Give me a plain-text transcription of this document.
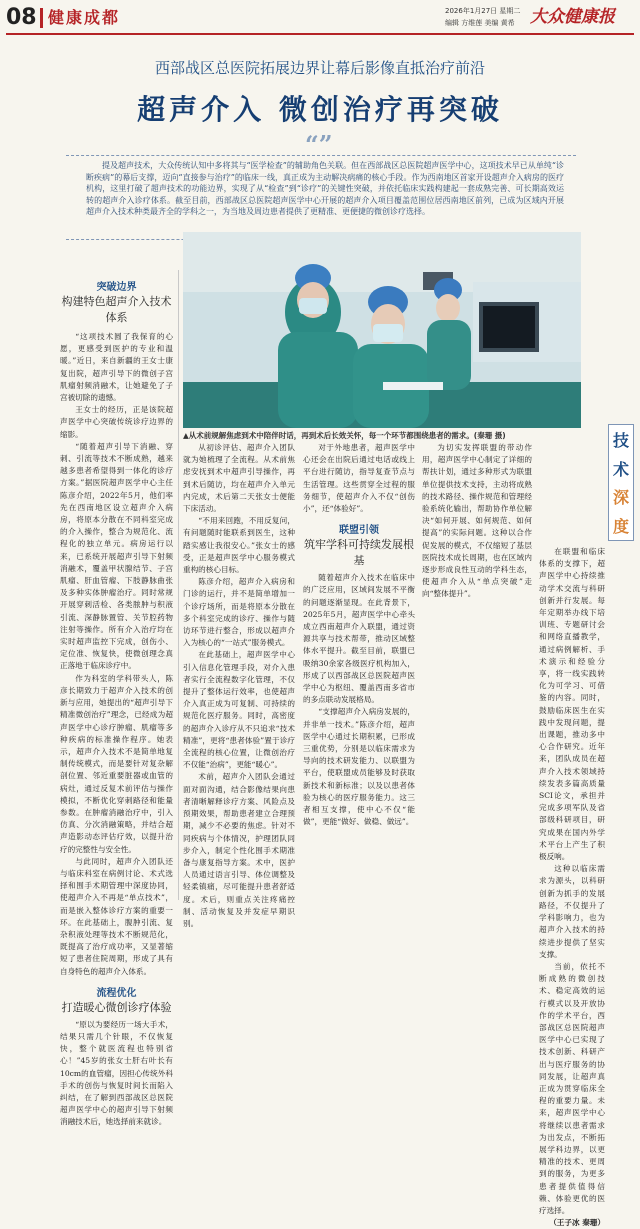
08 健康成都	2026年1月27日 星期二
编辑 方维莲 美编 黄希 大众健康报
西部战区总医院拓展边界让幕后影像直抵治疗前沿
超声介入 微创治疗再突破
“”
提及超声技术，大众传统认知中多将其与“医学检查”的辅助角色关联。但在西部战区总医院超声医学中心，这项技术早已从单纯“诊断疾病”的幕后支撑，迈向“直接参与治疗”的临床一线，真正成为主动解决病痛的核心手段。作为西南地区首家开设超声介入病房的医疗机构，这里打破了超声技术的功能边界，实现了从“检查”到“诊疗”的关键性突破，并依托临床实践构建起一套成熟完善、可长期高效运转的超声介入诊疗体系。截至目前，西部战区总医院超声医学中心开展的超声介入项目覆盖范围位居西南地区前列，已成为区域内开展超声介入技术种类最齐全的学科之一，为当地及周边患者提供了更精准、更便捷的微创诊疗选择。
▲从术前规解焦虑到术中陪伴时话，再到术后长效关怀，每一个环节都围绕患者的需求。(秦珊 摄)	技
术
深
度
突破边界
构建特色超声介入技术体系

“这项技术圆了我保育的心愿，更感受到医护的专业和温暖。”近日，来自新疆的王女士康复出院，超声引导下的微创子宫肌瘤射频消融术，让她避免了子宫被切除的遗憾。

王女士的经历，正是该院超声医学中心突破传统诊疗边界的缩影。

“随着超声引导下消融、穿刺、引流等技术不断成熟，越来越多患者希望得到一体化的诊疗方案。”据医院超声医学中心主任陈彦介绍，2022年5月，他们率先在西南地区设立超声介入病房，将原本分散在不同科室完成的介入操作，整合为规范化、流程化的独立单元。病房运行以来，已系统开展超声引导下射频消融术，覆盖甲状腺结节、子宫肌瘤、肝血管瘤、下肢静脉曲张及多种实体肿瘤治疗。同时常规开展穿刺活检、各类脓肿与积液引流、深静脉置管、关节腔药物注射等操作。所有介入治疗均在实时超声监控下完成，创伤小、定位准、恢复快，使微创理念真正落地于临床诊疗中。

作为科室的学科带头人，陈彦长期致力于超声介入技术的创新与应用，她提出的“超声引导下精准微创治疗”理念，已经成为超声医学中心诊疗肿瘤、肌瘤等多种疾病的标准操作程序。她表示，超声介入技术不是简单地复制传统模式，而是要针对复杂解剖位置、邻近重要脏器或血管的病灶，通过反复术前评估与操作模拟，不断优化穿刺路径和能量参数。在肿瘤消融治疗中，引入仿真、分次消融策略，并结合超声造影动态评估疗效，以提升治疗的完整性与安全性。

与此同时，超声介入团队还与临床科室在病例讨论、术式选择和围手术期管理中深度协同，使超声介入不再是“单点技术”，而是嵌入整体诊疗方案的重要一环。在此基础上，腹肿引流、复杂积液处理等技术不断规范化，既提高了治疗成功率，又显著缩短了患者住院周期，形成了具有自身特色的超声介入体系。

流程优化
打造暖心微创诊疗体验

“原以为要经历一场大手术，结果只需几个针眼，不仅恢复快，整个就医流程也特别省心！”45岁的张女士肝右叶长有10cm的血管瘤，因担心传统外科手术的创伤与恢复时间长而陷入纠结，在了解到西部战区总医院超声医学中心的超声引导下射频消融技术后，她选择前来就诊。

从初诊评估、超声介入团队就为她梳理了全流程。从术前焦虑安抚到术中超声引导操作，再到术后随访，均在超声介入单元内完成，术后第二天张女士便能下床活动。

“不用来回跑，不用反复问，有问题随时能联系到医生，这种踏实感让我很安心。”张女士的感受，正是超声医学中心服务模式重构的核心目标。

陈彦介绍，超声介入病房和门诊的运行，并不是简单增加一个诊疗场所，而是将原本分散在多个科室完成的诊疗、操作与随访环节进行整合，形成以超声介入为核心的“一站式”服务模式。

在此基础上，超声医学中心引入信息化管理手段，对介入患者实行全流程数字化管理，不仅提升了整体运行效率，也使超声介入真正成为可复制、可持续的规范化医疗服务。同时，高密度的超声介入诊疗从不只追求“技术精准”，更将“患者体验”置于诊疗全流程的核心位置，让微创治疗不仅能“治病”，更能“暖心”。

术前，超声介入团队会通过面对面沟通，结合影像结果向患者清晰解释诊疗方案、风险点及预期效果，帮助患者建立合理预期，减少不必要的焦虑。针对不同疾病与个体情况，护理团队同步介入，制定个性化围手术期准备与康复指导方案。术中，医护人员通过语言引导、体位调整及轻柔镇痛，尽可能提升患者舒适度。术后，则重点关注疼痛控制、活动恢复及并发症早期识别。

对于外地患者，超声医学中心还会在出院后通过电话或线上平台进行随访，指导复查节点与生活管理。这些贯穿全过程的服务细节，使超声介入不仅“创伤小”，还“体验好”。

联盟引领
筑牢学科可持续发展根基

随着超声介入技术在临床中的广泛应用，区域间发展不平衡的问题逐渐显现。在此背景下，2025年5月，超声医学中心牵头成立西南超声介入联盟，通过资源共享与技术帮带，推动区域整体水平提升。截至目前，联盟已吸纳30余家各级医疗机构加入，形成了以西部战区总医院超声医学中心为枢纽、覆盖西南多省市的多点联动发展格局。

“支撑超声介入病房发展的，并非单一技术。”陈彦介绍，超声医学中心通过长期积累，已形成三重优势，分别是以临床需求为导向的技术研发能力、以联盟为平台，使联盟成员能够及时获取新技术和新标准；以及以患者体验为核心的医疗服务能力。这三者相互支撑，使中心不仅“能做”，更能“做好、做稳、做远”。

为切实发挥联盟的带动作用，超声医学中心制定了详细的帮扶计划，通过多种形式为联盟单位提供技术支持，主动将成熟的技术路径、操作规范和管理经验系统化输出，帮助协作单位解决“如何开展、如何规范、如何提高”的实际问题。这种以合作促发展的模式，不仅缩短了基层医院技术成长周期，也在区域内逐步形成良性互动的学科生态，使超声介入从“单点突破”走向“整体提升”。

在联盟和临床体系的支撑下，超声医学中心持续推动学术交流与科研创新并行发展。每年定期举办线下培训班、专题研讨会和网络直播教学，通过病例解析、手术演示和经验分享，将一线实践转化为可学习、可借鉴的内容。同时，鼓励临床医生在实践中发现问题，提出课题，推动多中心合作研究。近年来，团队成员在超声介入技术领域持续发表多篇高质量SCI论文，承担并完成多项军队及省部级科研项目，研究成果在国内外学术平台上产生了积极反响。

这种以临床需求为源头，以科研创新为抓手的发展路径，不仅提升了学科影响力，也为超声介入技术的持续进步提供了坚实支撑。

当前，依托不断成熟的微创技术、稳定高效的运行模式以及开放协作的学术平台，西部战区总医院超声医学中心已实现了技术创新、科研产出与医疗服务的协同发展，让超声真正成为贯穿临床全程的重要力量。未来，超声医学中心将继续以患者需求为出发点，不断拓展学科边界，以更精准的技术、更周到的服务，为更多患者提供值得信赖、体验更优的医疗选择。

（王子冰 秦珊）
